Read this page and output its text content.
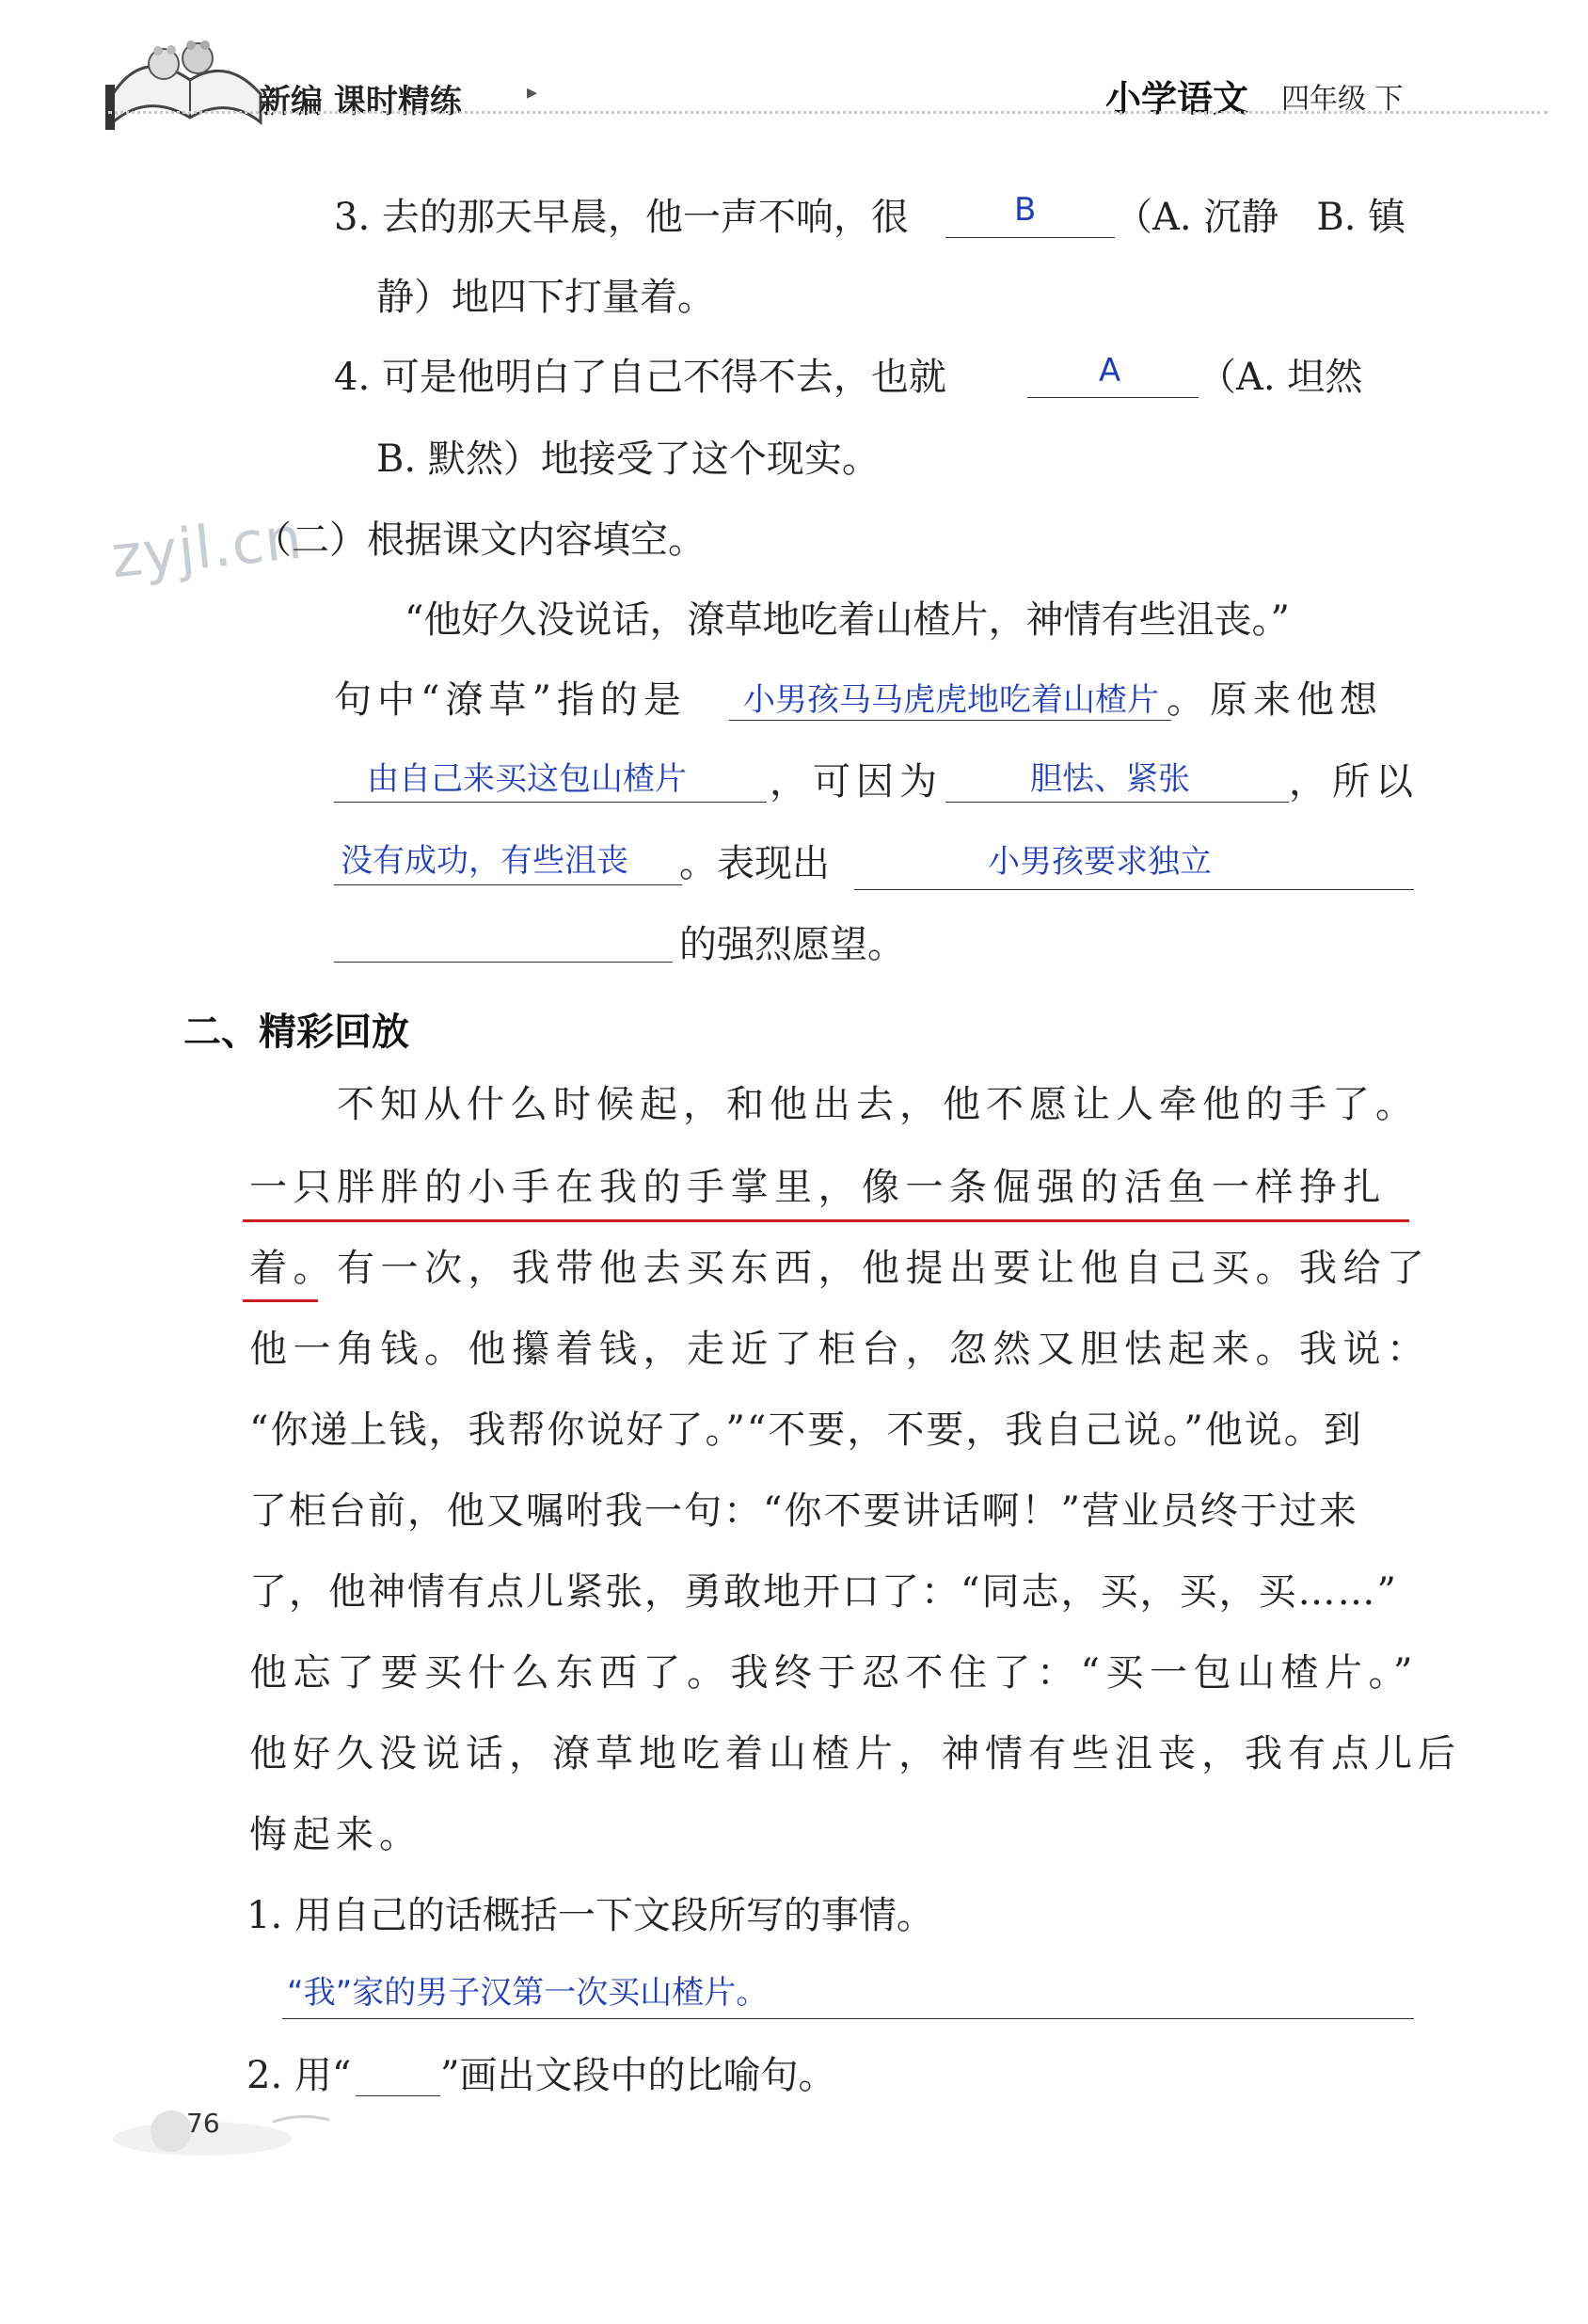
新编 课时精练	▸	小学语文 四年级 下
zyjl.cn
3. 去的那天早晨，他一声不响，很	B （A. 沉静　B. 镇
静）地四下打量着。
4. 可是他明白了自己不得不去，也就	A （A. 坦然
B. 默然）地接受了这个现实。
（二）根据课文内容填空。
“他好久没说话，潦草地吃着山楂片，神情有些沮丧。”
句中“潦草”指的是 小男孩马马虎虎地吃着山楂片 。原来他想
由自己来买这包山楂片 ，可因为	胆怯、紧张	，所以
没有成功，有些沮丧 。表现出	小男孩要求独立
的强烈愿望。
二、精彩回放
不知从什么时候起，和他出去，他不愿让人牵他的手了。
一只胖胖的小手在我的手掌里，像一条倔强的活鱼一样挣扎
着。有一次，我带他去买东西，他提出要让他自己买。我给了
他一角钱。他攥着钱，走近了柜台，忽然又胆怯起来。我说：
“你递上钱，我帮你说好了。”“不要，不要，我自己说。”他说。到
了柜台前，他又嘱咐我一句：“你不要讲话啊！”营业员终于过来
了，他神情有点儿紧张，勇敢地开口了：“同志，买，买，买……”
他忘了要买什么东西了。我终于忍不住了：“买一包山楂片。”
他好久没说话，潦草地吃着山楂片，神情有些沮丧，我有点儿后
悔起来。
1. 用自己的话概括一下文段所写的事情。
“我”家的男子汉第一次买山楂片。
2. 用“ ”画出文段中的比喻句。
76
